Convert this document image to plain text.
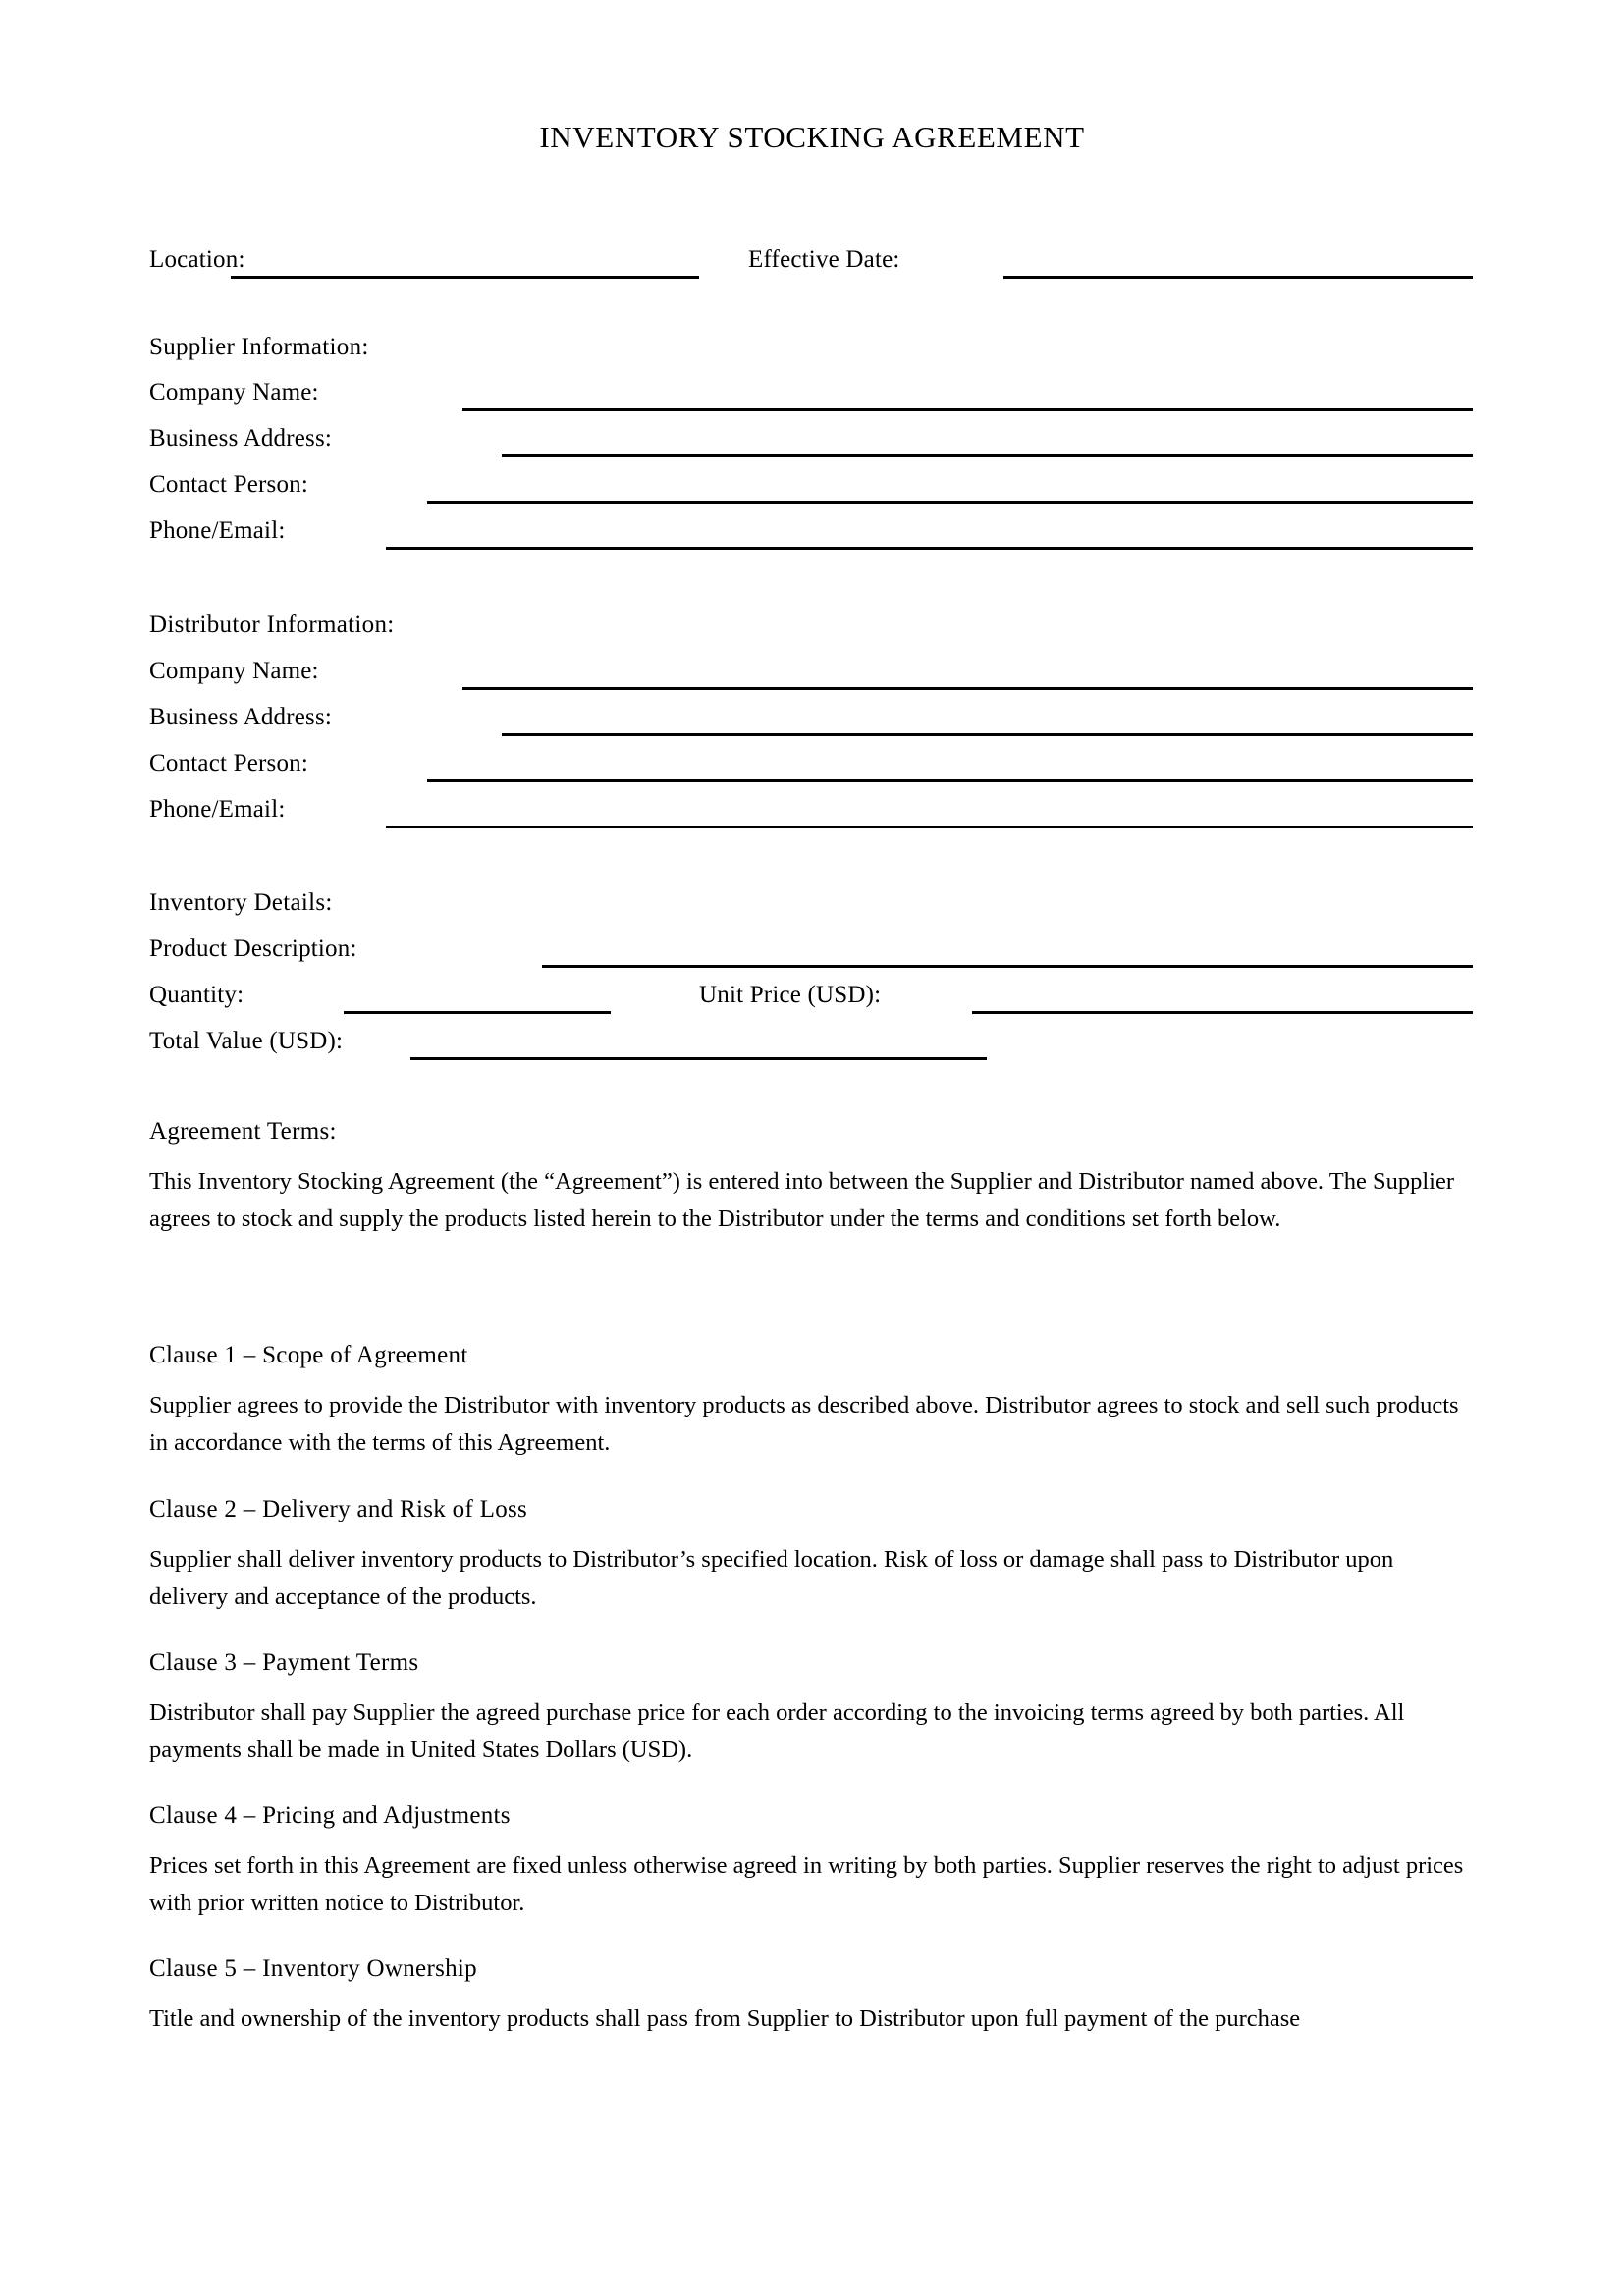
INVENTORY STOCKING AGREEMENT
Location:	Effective Date:
Supplier Information:
Company Name:
Business Address:
Contact Person:
Phone/Email:
Distributor Information:
Company Name:
Business Address:
Contact Person:
Phone/Email:
Inventory Details:
Product Description:
Quantity:	Unit Price (USD):
Total Value (USD):
Agreement Terms:
This Inventory Stocking Agreement (the “Agreement”) is entered into between the Supplier and Distributor named above. The Supplier agrees to stock and supply the products listed herein to the Distributor under the terms and conditions set forth below.
Clause 1 – Scope of Agreement
Supplier agrees to provide the Distributor with inventory products as described above. Distributor agrees to stock and sell such products in accordance with the terms of this Agreement.
Clause 2 – Delivery and Risk of Loss
Supplier shall deliver inventory products to Distributor’s specified location. Risk of loss or damage shall pass to Distributor upon delivery and acceptance of the products.
Clause 3 – Payment Terms
Distributor shall pay Supplier the agreed purchase price for each order according to the invoicing terms agreed by both parties. All payments shall be made in United States Dollars (USD).
Clause 4 – Pricing and Adjustments
Prices set forth in this Agreement are fixed unless otherwise agreed in writing by both parties. Supplier reserves the right to adjust prices with prior written notice to Distributor.
Clause 5 – Inventory Ownership
Title and ownership of the inventory products shall pass from Supplier to Distributor upon full payment of the purchase
